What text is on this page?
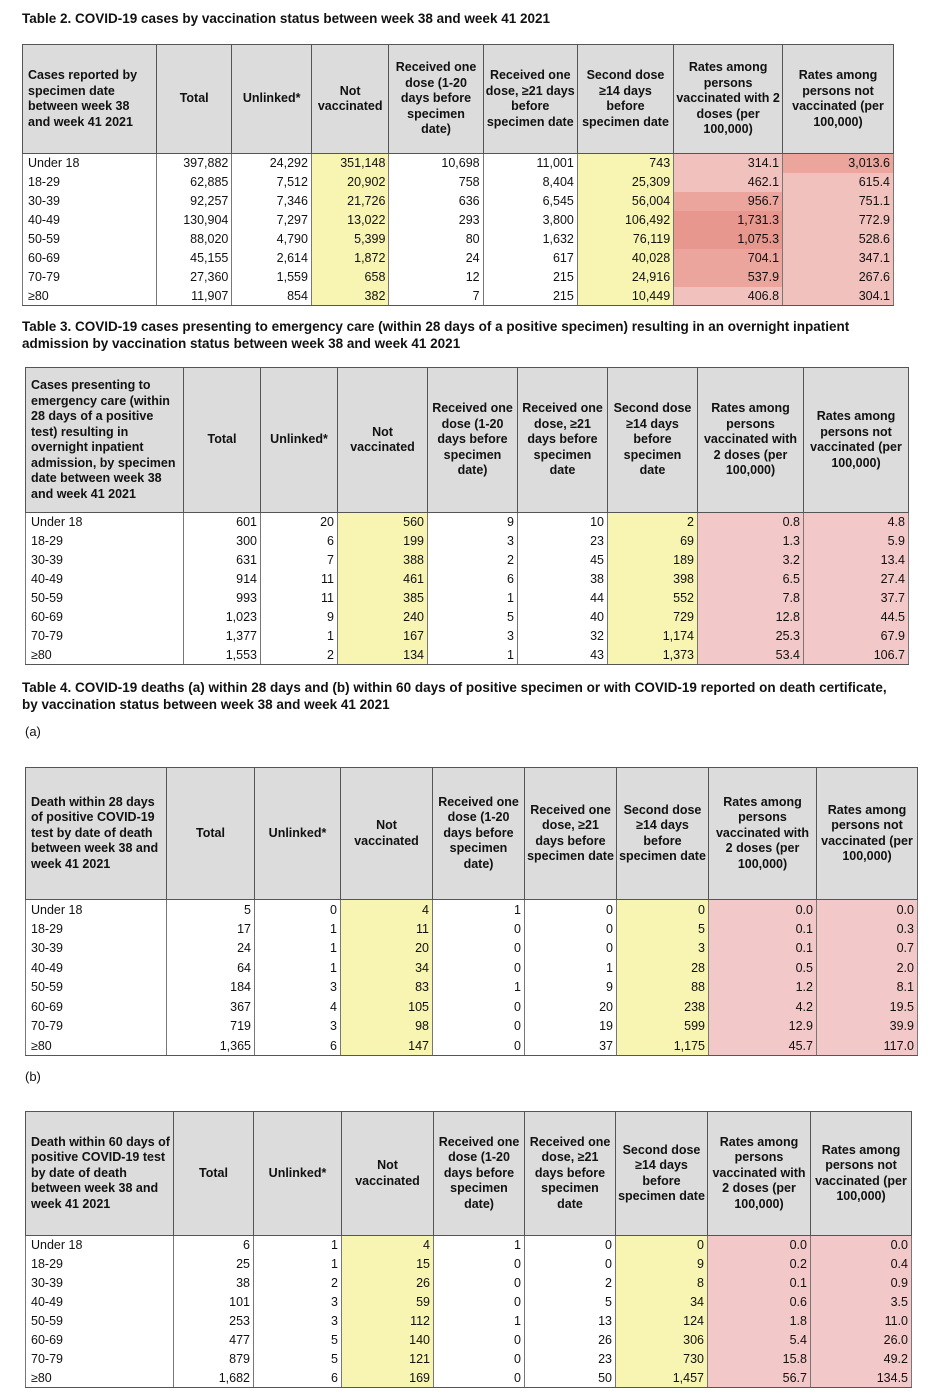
Table 2. COVID-19 cases by vaccination status between week 38 and week 41 2021
Cases reported by specimen date between week 38 and week 41 2021	Total	Unlinked*	Not vaccinated	Received one dose (1-20 days before specimen date)	Received one dose, ≥21 days before specimen date	Second dose ≥14 days before specimen date	Rates among persons vaccinated with 2 doses (per 100,000)	Rates among persons not vaccinated (per 100,000)
Under 18	397,882	24,292	351,148	10,698	11,001	743	314.1	3,013.6
18-29	62,885	7,512	20,902	758	8,404	25,309	462.1	615.4
30-39	92,257	7,346	21,726	636	6,545	56,004	956.7	751.1
40-49	130,904	7,297	13,022	293	3,800	106,492	1,731.3	772.9
50-59	88,020	4,790	5,399	80	1,632	76,119	1,075.3	528.6
60-69	45,155	2,614	1,872	24	617	40,028	704.1	347.1
70-79	27,360	1,559	658	12	215	24,916	537.9	267.6
≥80	11,907	854	382	7	215	10,449	406.8	304.1
Table 3. COVID-19 cases presenting to emergency care (within 28 days of a positive specimen) resulting in an overnight inpatient admission by vaccination status between week 38 and week 41 2021
Cases presenting to emergency care (within 28 days of a positive test) resulting in overnight inpatient admission, by specimen date between week 38 and week 41 2021	Total	Unlinked*	Not vaccinated	Received one dose (1-20 days before specimen date)	Received one dose, ≥21 days before specimen date	Second dose ≥14 days before specimen date	Rates among persons vaccinated with 2 doses (per 100,000)	Rates among persons not vaccinated (per 100,000)
Under 18	601	20	560	9	10	2	0.8	4.8
18-29	300	6	199	3	23	69	1.3	5.9
30-39	631	7	388	2	45	189	3.2	13.4
40-49	914	11	461	6	38	398	6.5	27.4
50-59	993	11	385	1	44	552	7.8	37.7
60-69	1,023	9	240	5	40	729	12.8	44.5
70-79	1,377	1	167	3	32	1,174	25.3	67.9
≥80	1,553	2	134	1	43	1,373	53.4	106.7
Table 4. COVID-19 deaths (a) within 28 days and (b) within 60 days of positive specimen or with COVID-19 reported on death certificate, by vaccination status between week 38 and week 41 2021
(a)
Death within 28 days of positive COVID-19 test by date of death between week 38 and week 41 2021	Total	Unlinked*	Not vaccinated	Received one dose (1-20 days before specimen date)	Received one dose, ≥21 days before specimen date	Second dose ≥14 days before specimen date	Rates among persons vaccinated with 2 doses (per 100,000)	Rates among persons not vaccinated (per 100,000)
Under 18	5	0	4	1	0	0	0.0	0.0
18-29	17	1	11	0	0	5	0.1	0.3
30-39	24	1	20	0	0	3	0.1	0.7
40-49	64	1	34	0	1	28	0.5	2.0
50-59	184	3	83	1	9	88	1.2	8.1
60-69	367	4	105	0	20	238	4.2	19.5
70-79	719	3	98	0	19	599	12.9	39.9
≥80	1,365	6	147	0	37	1,175	45.7	117.0
(b)
Death within 60 days of positive COVID-19 test by date of death between week 38 and week 41 2021	Total	Unlinked*	Not vaccinated	Received one dose (1-20 days before specimen date)	Received one dose, ≥21 days before specimen date	Second dose ≥14 days before specimen date	Rates among persons vaccinated with 2 doses (per 100,000)	Rates among persons not vaccinated (per 100,000)
Under 18	6	1	4	1	0	0	0.0	0.0
18-29	25	1	15	0	0	9	0.2	0.4
30-39	38	2	26	0	2	8	0.1	0.9
40-49	101	3	59	0	5	34	0.6	3.5
50-59	253	3	112	1	13	124	1.8	11.0
60-69	477	5	140	0	26	306	5.4	26.0
70-79	879	5	121	0	23	730	15.8	49.2
≥80	1,682	6	169	0	50	1,457	56.7	134.5
